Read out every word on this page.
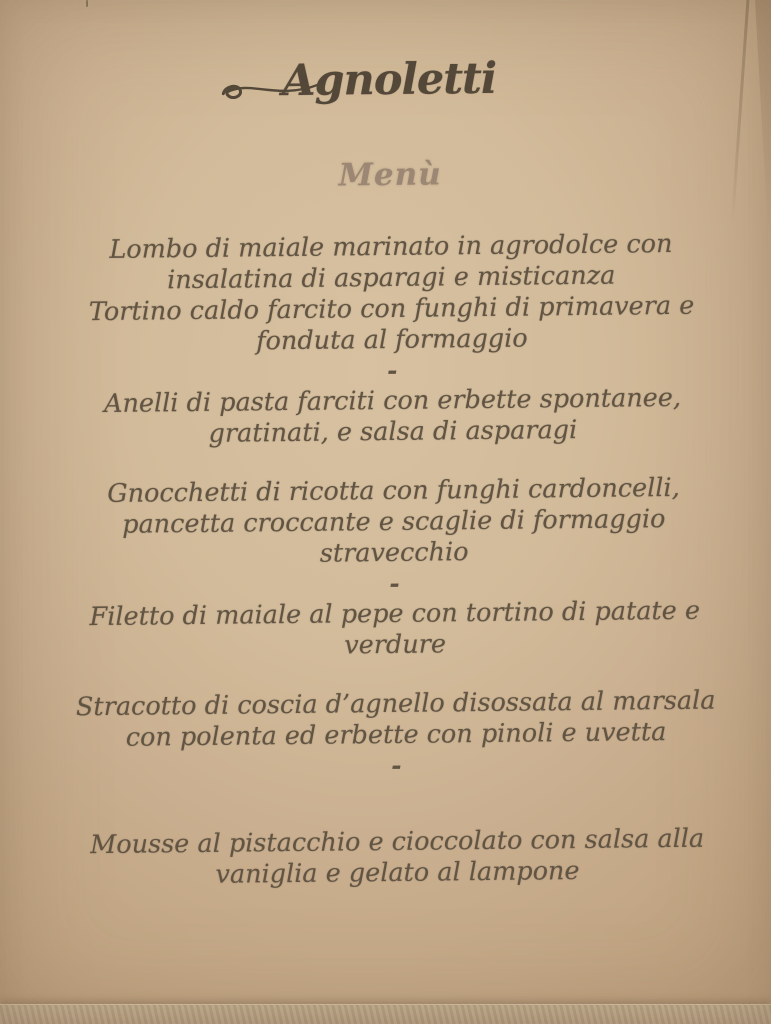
Agnoletti
Menù

Lombo di maiale marinato in agrodolce con
insalatina di asparagi e misticanza

Tortino caldo farcito con funghi di primavera e
fonduta al formaggio

-

Anelli di pasta farciti con erbette spontanee,
gratinati, e salsa di asparagi

Gnocchetti di ricotta con funghi cardoncelli,
pancetta croccante e scaglie di formaggio
stravecchio

-

Filetto di maiale al pepe con tortino di patate e
verdure

Stracotto di coscia d’agnello disossata al marsala
con polenta ed erbette con pinoli e uvetta

-

Mousse al pistacchio e cioccolato con salsa alla
vaniglia e gelato al lampone
